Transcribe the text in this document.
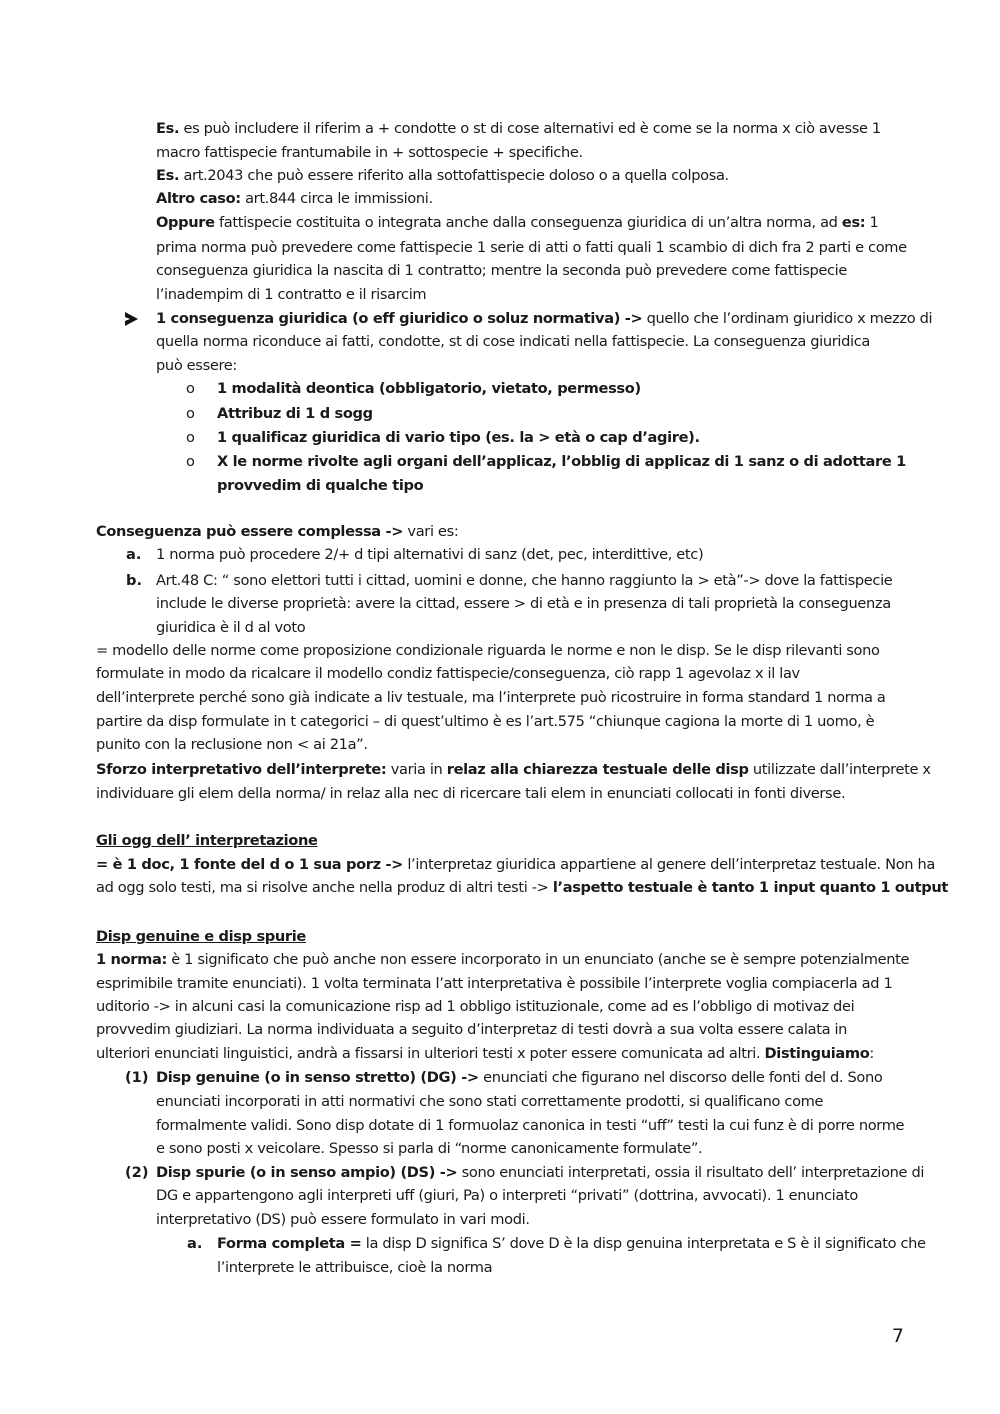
Es. es può includere il riferim a + condotte o st di cose alternativi ed è come se la norma x ciò avesse 1
macro fattispecie frantumabile in + sottospecie + specifiche.
Es. art.2043 che può essere riferito alla sottofattispecie doloso o a quella colposa.
Altro caso: art.844 circa le immissioni.
Oppure fattispecie costituita o integrata anche dalla conseguenza giuridica di un’altra norma, ad es: 1
prima norma può prevedere come fattispecie 1 serie di atti o fatti quali 1 scambio di dich fra 2 parti e come
conseguenza giuridica la nascita di 1 contratto; mentre la seconda può prevedere come fattispecie
l’inadempim di 1 contratto e il risarcim
1 conseguenza giuridica (o eff giuridico o soluz normativa) -> quello che l’ordinam giuridico x mezzo di
quella norma riconduce ai fatti, condotte, st di cose indicati nella fattispecie. La conseguenza giuridica
può essere:
o 1 modalità deontica (obbligatorio, vietato, permesso)
o Attribuz di 1 d sogg
o 1 qualificaz giuridica di vario tipo (es. la > età o cap d’agire).
o X le norme rivolte agli organi dell’applicaz, l’obblig di applicaz di 1 sanz o di adottare 1
provvedim di qualche tipo
Conseguenza può essere complessa -> vari es:
a. 1 norma può procedere 2/+ d tipi alternativi di sanz (det, pec, interdittive, etc)
b. Art.48 C: “ sono elettori tutti i cittad, uomini e donne, che hanno raggiunto la > età”-> dove la fattispecie
include le diverse proprietà: avere la cittad, essere > di età e in presenza di tali proprietà la conseguenza
giuridica è il d al voto
= modello delle norme come proposizione condizionale riguarda le norme e non le disp. Se le disp rilevanti sono
formulate in modo da ricalcare il modello condiz fattispecie/conseguenza, ciò rapp 1 agevolaz x il lav
dell’interprete perché sono già indicate a liv testuale, ma l’interprete può ricostruire in forma standard 1 norma a
partire da disp formulate in t categorici – di quest’ultimo è es l’art.575 “chiunque cagiona la morte di 1 uomo, è
punito con la reclusione non < ai 21a”.
Sforzo interpretativo dell’interprete: varia in relaz alla chiarezza testuale delle disp utilizzate dall’interprete x
individuare gli elem della norma/ in relaz alla nec di ricercare tali elem in enunciati collocati in fonti diverse.
Gli ogg dell’ interpretazione
= è 1 doc, 1 fonte del d o 1 sua porz -> l’interpretaz giuridica appartiene al genere dell’interpretaz testuale. Non ha
ad ogg solo testi, ma si risolve anche nella produz di altri testi -> l’aspetto testuale è tanto 1 input quanto 1 output
Disp genuine e disp spurie
1 norma: è 1 significato che può anche non essere incorporato in un enunciato (anche se è sempre potenzialmente
esprimibile tramite enunciati). 1 volta terminata l’att interpretativa è possibile l’interprete voglia compiacerla ad 1
uditorio -> in alcuni casi la comunicazione risp ad 1 obbligo istituzionale, come ad es l’obbligo di motivaz dei
provvedim giudiziari. La norma individuata a seguito d’interpretaz di testi dovrà a sua volta essere calata in
ulteriori enunciati linguistici, andrà a fissarsi in ulteriori testi x poter essere comunicata ad altri. Distinguiamo:
(1) Disp genuine (o in senso stretto) (DG) -> enunciati che figurano nel discorso delle fonti del d. Sono
enunciati incorporati in atti normativi che sono stati correttamente prodotti, si qualificano come
formalmente validi. Sono disp dotate di 1 formuolaz canonica in testi “uff” testi la cui funz è di porre norme
e sono posti x veicolare. Spesso si parla di “norme canonicamente formulate”.
(2) Disp spurie (o in senso ampio) (DS) -> sono enunciati interpretati, ossia il risultato dell’ interpretazione di
DG e appartengono agli interpreti uff (giuri, Pa) o interpreti “privati” (dottrina, avvocati). 1 enunciato
interpretativo (DS) può essere formulato in vari modi.
a. Forma completa = la disp D significa S’ dove D è la disp genuina interpretata e S è il significato che
l’interprete le attribuisce, cioè la norma
7
